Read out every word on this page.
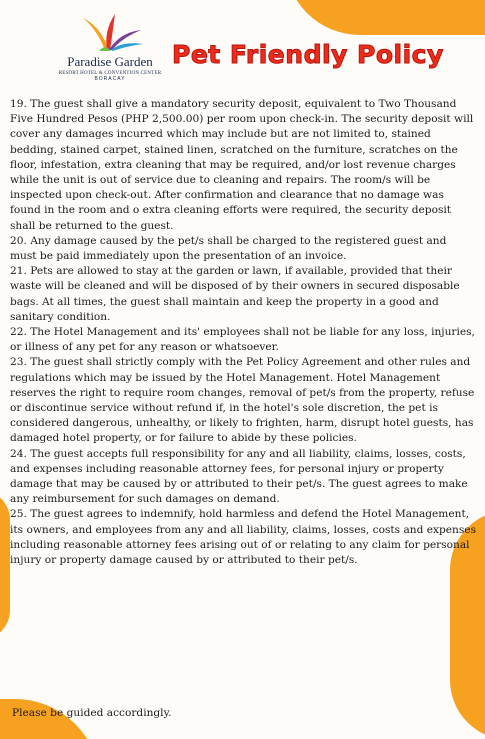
Paradise Garden
RESORT HOTEL & CONVENTION CENTER
BORACAY
Pet Friendly Policy

19. The guest shall give a mandatory security deposit, equivalent to Two Thousand Five Hundred Pesos (PHP 2,500.00) per room upon check-in. The security deposit will cover any damages incurred which may include but are not limited to, stained bedding, stained carpet, stained linen, scratched on the furniture, scratches on the floor, infestation, extra cleaning that may be required, and/or lost revenue charges while the unit is out of service due to cleaning and repairs. The room/s will be inspected upon check-out. After confirmation and clearance that no damage was found in the room and o extra cleaning efforts were required, the security deposit shall be returned to the guest.

20. Any damage caused by the pet/s shall be charged to the registered guest and must be paid immediately upon the presentation of an invoice.

21. Pets are allowed to stay at the garden or lawn, if available, provided that their waste will be cleaned and will be disposed of by their owners in secured disposable bags. At all times, the guest shall maintain and keep the property in a good and sanitary condition.

22. The Hotel Management and its' employees shall not be liable for any loss, injuries, or illness of any pet for any reason or whatsoever.

23. The guest shall strictly comply with the Pet Policy Agreement and other rules and regulations which may be issued by the Hotel Management. Hotel Management reserves the right to require room changes, removal of pet/s from the property, refuse or discontinue service without refund if, in the hotel's sole discretion, the pet is considered dangerous, unhealthy, or likely to frighten, harm, disrupt hotel guests, has damaged hotel property, or for failure to abide by these policies.

24. The guest accepts full responsibility for any and all liability, claims, losses, costs, and expenses including reasonable attorney fees, for personal injury or property damage that may be caused by or attributed to their pet/s. The guest agrees to make any reimbursement for such damages on demand.

25. The guest agrees to indemnify, hold harmless and defend the Hotel Management, its owners, and employees from any and all liability, claims, losses, costs and expenses including reasonable attorney fees arising out of or relating to any claim for personal injury or property damage caused by or attributed to their pet/s.

Please be guided accordingly.
